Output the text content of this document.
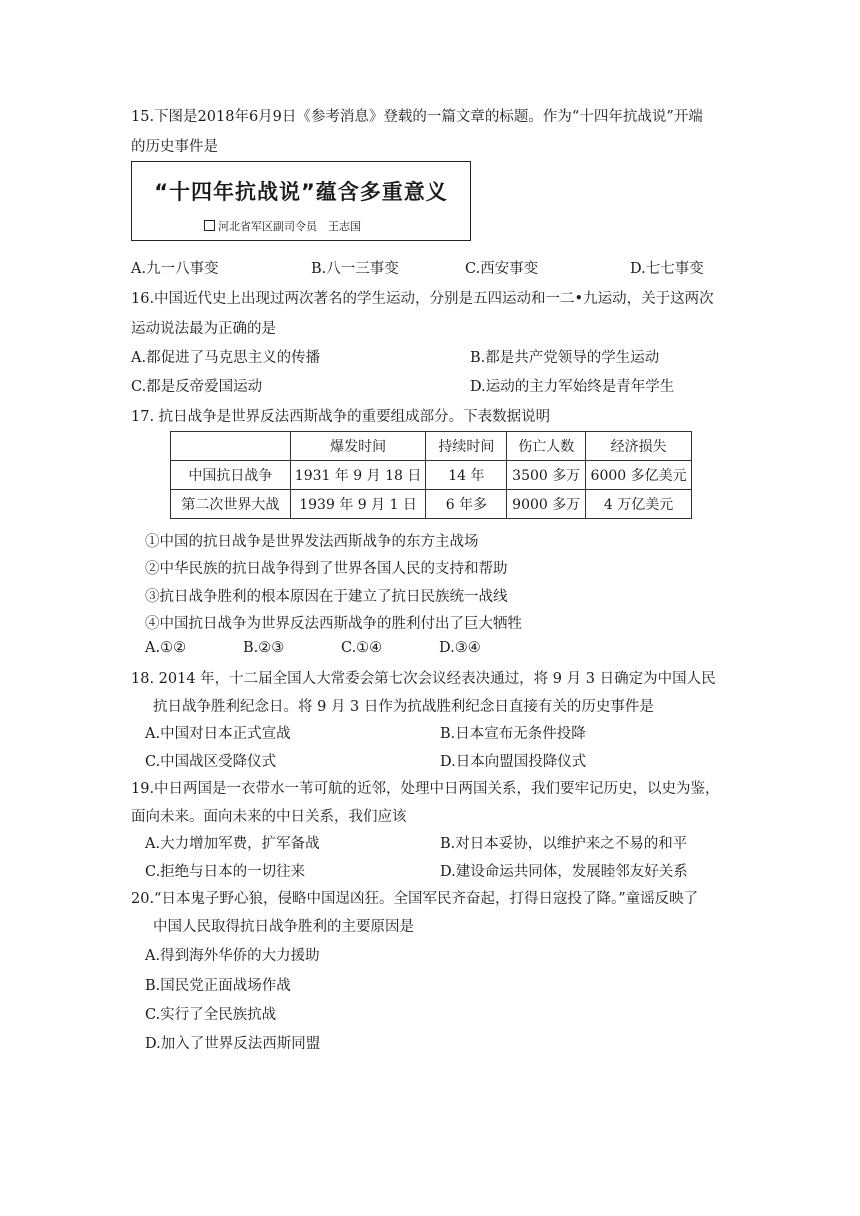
15.下图是2018年6月9日《参考消息》登载的一篇文章的标题。作为“十四年抗战说”开端
的历史事件是
“十四年抗战说”蕴含多重意义
河北省军区副司令员　王志国
A.九一八事变	B.八一三事变	C.西安事变	D.七七事变
16.中国近代史上出现过两次著名的学生运动，分别是五四运动和一二•九运动，关于这两次
运动说法最为正确的是
A.都促进了马克思主义的传播	B.都是共产党领导的学生运动
C.都是反帝爱国运动	D.运动的主力军始终是青年学生
17. 抗日战争是世界反法西斯战争的重要组成部分。下表数据说明
	爆发时间	持续时间	伤亡人数	经济损失
中国抗日战争	1931 年 9 月 18 日	14 年	3500 多万	6000 多亿美元
第二次世界大战	1939 年 9 月 1 日	6 年多	9000 多万	4 万亿美元
①中国的抗日战争是世界发法西斯战争的东方主战场
②中华民族的抗日战争得到了世界各国人民的支持和帮助
③抗日战争胜利的根本原因在于建立了抗日民族统一战线
④中国抗日战争为世界反法西斯战争的胜利付出了巨大牺牲
A.①②	B.②③	C.①④	D.③④
18. 2014 年，十二届全国人大常委会第七次会议经表决通过，将 9 月 3 日确定为中国人民
抗日战争胜利纪念日。将 9 月 3 日作为抗战胜利纪念日直接有关的历史事件是
A.中国对日本正式宣战	B.日本宣布无条件投降
C.中国战区受降仪式	D.日本向盟国投降仪式
19.中日两国是一衣带水一苇可航的近邻，处理中日两国关系，我们要牢记历史，以史为鉴，
面向未来。面向未来的中日关系，我们应该
A.大力增加军费，扩军备战	B.对日本妥协，以维护来之不易的和平
C.拒绝与日本的一切往来	D.建设命运共同体，发展睦邻友好关系
20.“日本鬼子野心狼，侵略中国逞凶狂。全国军民齐奋起，打得日寇投了降。”童谣反映了
中国人民取得抗日战争胜利的主要原因是
A.得到海外华侨的大力援助
B.国民党正面战场作战
C.实行了全民族抗战
D.加入了世界反法西斯同盟
